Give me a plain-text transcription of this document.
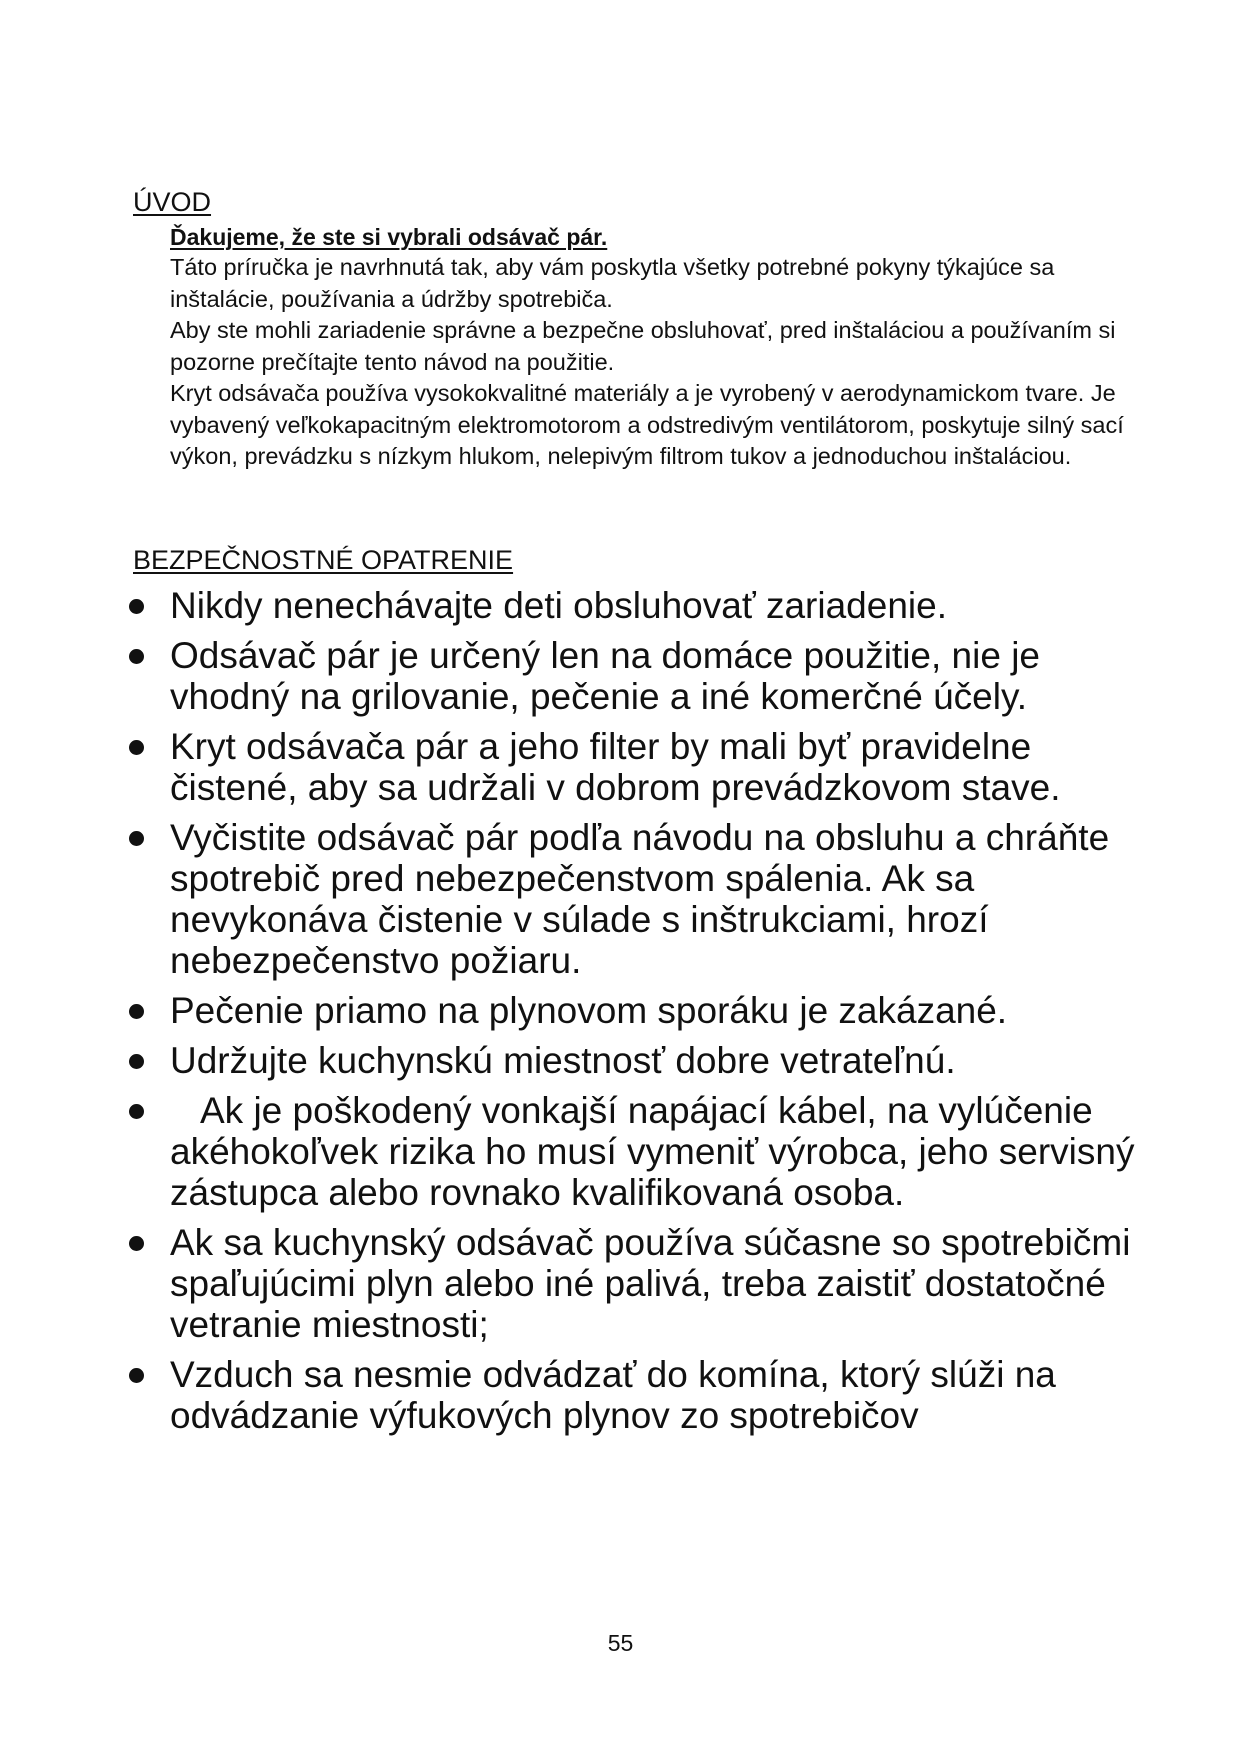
ÚVOD

Ďakujeme, že ste si vybrali odsávač pár.

Táto príručka je navrhnutá tak, aby vám poskytla všetky potrebné pokyny týkajúce sa inštalácie, používania a údržby spotrebiča.

Aby ste mohli zariadenie správne a bezpečne obsluhovať, pred inštaláciou a používaním si pozorne prečítajte tento návod na použitie.

Kryt odsávača používa vysokokvalitné materiály a je vyrobený v aerodynamickom tvare. Je vybavený veľkokapacitným elektromotorom a odstredivým ventilátorom, poskytuje silný sací výkon, prevádzku s nízkym hlukom, nelepivým filtrom tukov a jednoduchou inštaláciou.

BEZPEČNOSTNÉ OPATRENIE
Nikdy nenechávajte deti obsluhovať zariadenie.
Odsávač pár je určený len na domáce použitie, nie je vhodný na grilovanie, pečenie a iné komerčné účely.
Kryt odsávača pár a jeho filter by mali byť pravidelne čistené, aby sa udržali v dobrom prevádzkovom stave.
Vyčistite odsávač pár podľa návodu na obsluhu a chráňte spotrebič pred nebezpečenstvom spálenia. Ak sa nevykonáva čistenie v súlade s inštrukciami, hrozí nebezpečenstvo požiaru.
Pečenie priamo na plynovom sporáku je zakázané.
Udržujte kuchynskú miestnosť dobre vetrateľnú.
Ak je poškodený vonkajší napájací kábel, na vylúčenie akéhokoľvek rizika ho musí vymeniť výrobca, jeho servisný zástupca alebo rovnako kvalifikovaná osoba.
Ak sa kuchynský odsávač používa súčasne so spotrebičmi spaľujúcimi plyn alebo iné palivá, treba zaistiť dostatočné vetranie miestnosti;
Vzduch sa nesmie odvádzať do komína, ktorý slúži na odvádzanie výfukových plynov zo spotrebičov
55
